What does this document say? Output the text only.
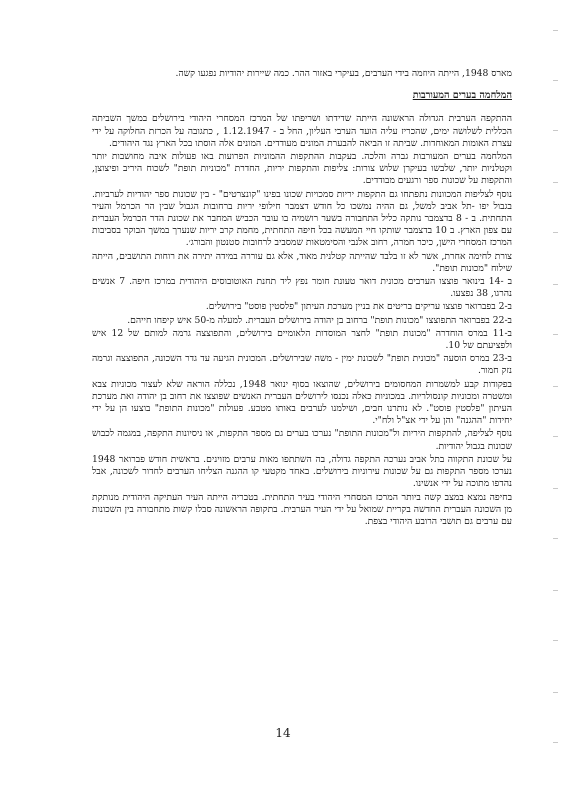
מארס 1948, הייתה היוזמה בידי הערבים, בעיקרי באזור ההר. כמה שיירות יהודיות נפגעו קשה.

המלחמה בערים המעורבות

ההתקפה הערבית הגדולה הראשונה הייתה שדידתו ושריפתו של המרכז המסחרי היהודי בירושלים במשך השביתה הכללית לשלושה ימים, שהכריז עליה הועד הערבי העליון, החל ב - 1.12.1947 , כתגובה על הכרזת החלוקה על ידי עצרת האומות המאוחדות. שביתה זו הביאה להבערת המונים מעודדים. המונים אלה הוסתו בכל הארץ נגד היהודים.

המלחמה בערים המעורבות גברה והלכה. בעקבות ההתקפות ההמוניות הפרועות באו פעולות איבה מחושבות יותר וקטלניות יותר, שלבשו בעיקרן שלוש צורות: צליפות והתקפות יריות, החדרת "מכוניות תופת" לשכוח היריב ופיצוצן, והתקפות על שכונות ספר ורגעים מבודדים.

נוסף לצליפות המכוונות נתפתחו גם התקפות יריות סמכויות שכונו בפינו "קונצרטים" - בין שכונות ספר יהודיות לערביות. בגבול יפו -תל אביב למשל, גם ההיה נמשכו כל חודש דצמבר חילופי יריות ברחובות הגבול שבין הר הכרמל והעיר התחתית. ב - 8 בדצמבר נותקה כליל התחבורה בשער רושמיה בו עובר הכביש המחבר את שכונת הדר הכרמל העברית עם צפון הארץ. ב 10 בדצמבר שותקו חיי המעשה בכל חיפה התחתית, מחמת קרב יריות שנערך במשך הבוקר בסביבות המרכז המסחרי הישן, כיכר חמרה, רחוב אלנבי והסימטאות שמסביב לרחובות סטנטון והבורג׳.

צורת לחימה אחרת, אשר לא זו בלבד שהייתה קטלנית מאוד, אלא גם עוררה במידה יתירה את רוחות התושבים, הייתה שילוח "מכונות תופת".

ב -14 בינואר פוצצו הערבים מכונית דואר טעונת חומר נפץ ליד תחנת האוטובוסים היהודית במרכז חיפה. 7 אנשים נהרגו, 38 נפצעו.

ב-2 בפברואר פוצצו עריקים בריטים את בניין מערכת העיתון "פלסטין פוסט" בירושלים.

ב-22 בפברואר התפוצצו "מכונות תופת" ברחוב בן יהודה בירושלים העברית. למעלה מ-50 איש קיפחו חייהם.

ב-11 במרס הוחדרה "מכונות תופת" לחצר המוסדות הלאומיים בירושלים, והתפוצצה גרמה למותם של 12 איש ולפציעתם של 10.

ב-23 במרס הוסעה "מכונית תופת" לשכונת ימין - משה שבירושלים. המכונית הגיעה עד גדר השכונה, התפוצצה וגרמה נזק חמור.

בפקודות קבע למשמרות המחסומים בירושלים, שהוצאו בסוף ינואר 1948, נכללה הוראה שלא לעצור מכוניות צבא ומשטרה ומכוניות קונסולריות. במכוניות כאלה נכנסו לירושלים העברית האנשים שפוצצו את רחוב בן יהודה ואת מערכת העיתון "פלסטין פוסט". לא נותרנו חבים, ושילמנו לערבים באותו מטבע. פעולות "מכונות התופת" בוצעו הן על ידי יחידות "ההגנה" והן על ידי אצ"ל ולח"י.

נוסף לצליפה, להתקפות היריות ול"מכונות התופת" נערכו בערים גם מספר התקפות, או ניסיונות התקפה, במגמה לכבוש שכונות בגבול יהודיות.

על שכונת התקווה בתל אביב נערכה התקפה גדולה, בה השתתפו מאות ערבים מזוינים. בראשית חודש פברואר 1948 נערכו מספר התקפות גם על שכונות עירוניות בירושלים. באחד מקטעי קו ההגנה הצליחו הערבים לחדור לשכונה, אבל נהדפו מתוכה על ידי אנשינו.

בחיפה נמצא במצב קשה ביותר המרכז המסחרי היהודי בעיר התחתית. בטבריה הייתה העיר העתיקה היהודית מנותקת מן השכונה העברית החדשה בקריית שמואל על ידי העיר הערבית. בתקופה הראשונה סבלו קשות מתחבורה בין השכונות עם ערבים גם תושבי הרובע היהודי בצפת.

14
